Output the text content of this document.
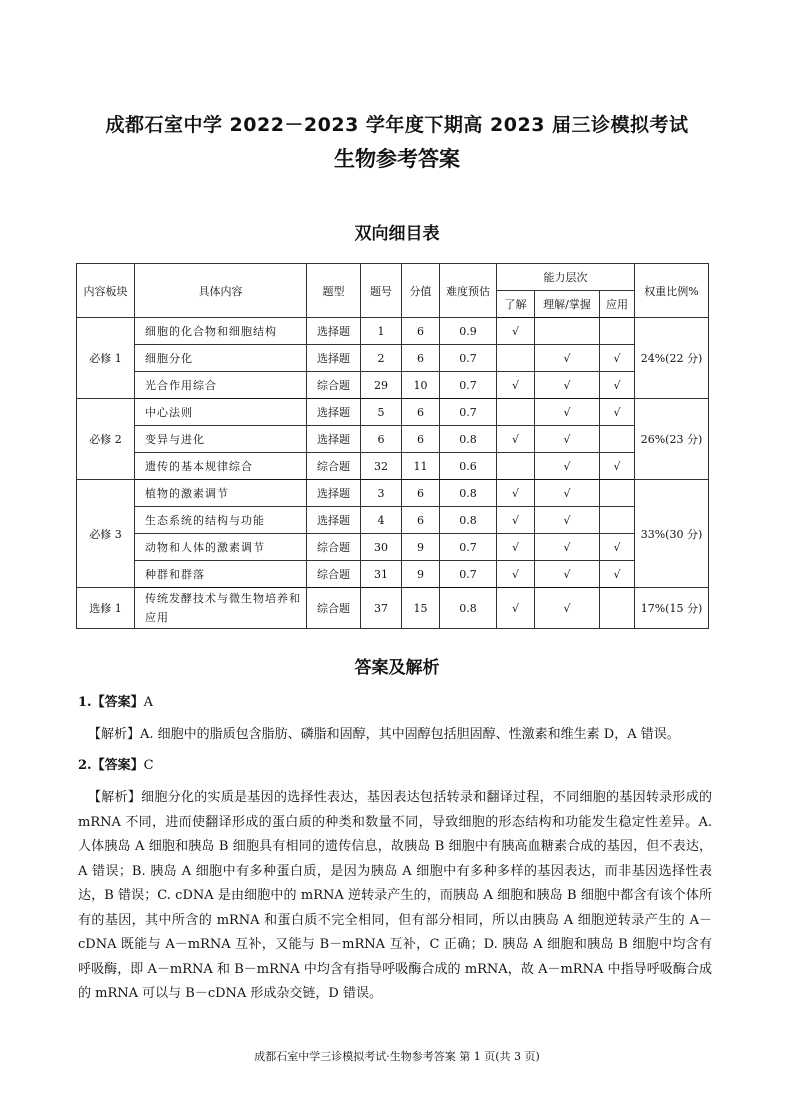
成都石室中学 2022－2023 学年度下期高 2023 届三诊模拟考试
生物参考答案
双向细目表
内容板块	具体内容	题型	题号	分值	难度预估	能力层次			权重比例%
						了解	理解/掌握	应用	
必修 1	细胞的化合物和细胞结构	选择题	1	6	0.9	√			24%(22 分)
	细胞分化	选择题	2	6	0.7		√	√	
	光合作用综合	综合题	29	10	0.7	√	√	√	
必修 2	中心法则	选择题	5	6	0.7		√	√	26%(23 分)
	变异与进化	选择题	6	6	0.8	√	√		
	遗传的基本规律综合	综合题	32	11	0.6		√	√	
必修 3	植物的激素调节	选择题	3	6	0.8	√	√		33%(30 分)
	生态系统的结构与功能	选择题	4	6	0.8	√	√		
	动物和人体的激素调节	综合题	30	9	0.7	√	√	√	
	种群和群落	综合题	31	9	0.7	√	√	√	
选修 1	传统发酵技术与微生物培养和应用	综合题	37	15	0.8	√	√		17%(15 分)
答案及解析
1.【答案】A
【解析】A. 细胞中的脂质包含脂肪、磷脂和固醇，其中固醇包括胆固醇、性激素和维生素 D，A 错误。
2.【答案】C
【解析】细胞分化的实质是基因的选择性表达，基因表达包括转录和翻译过程，不同细胞的基因转录形成的 mRNA 不同，进而使翻译形成的蛋白质的种类和数量不同，导致细胞的形态结构和功能发生稳定性差异。A. 人体胰岛 A 细胞和胰岛 B 细胞具有相同的遗传信息，故胰岛 B 细胞中有胰高血糖素合成的基因，但不表达，A 错误；B. 胰岛 A 细胞中有多种蛋白质，是因为胰岛 A 细胞中有多种多样的基因表达，而非基因选择性表达，B 错误；C. cDNA 是由细胞中的 mRNA 逆转录产生的，而胰岛 A 细胞和胰岛 B 细胞中都含有该个体所有的基因，其中所含的 mRNA 和蛋白质不完全相同，但有部分相同，所以由胰岛 A 细胞逆转录产生的 A－cDNA 既能与 A－mRNA 互补，又能与 B－mRNA 互补，C 正确；D. 胰岛 A 细胞和胰岛 B 细胞中均含有呼吸酶，即 A－mRNA 和 B－mRNA 中均含有指导呼吸酶合成的 mRNA，故 A－mRNA 中指导呼吸酶合成的 mRNA 可以与 B－cDNA 形成杂交链，D 错误。
成都石室中学三诊模拟考试·生物参考答案 第 1 页(共 3 页)
